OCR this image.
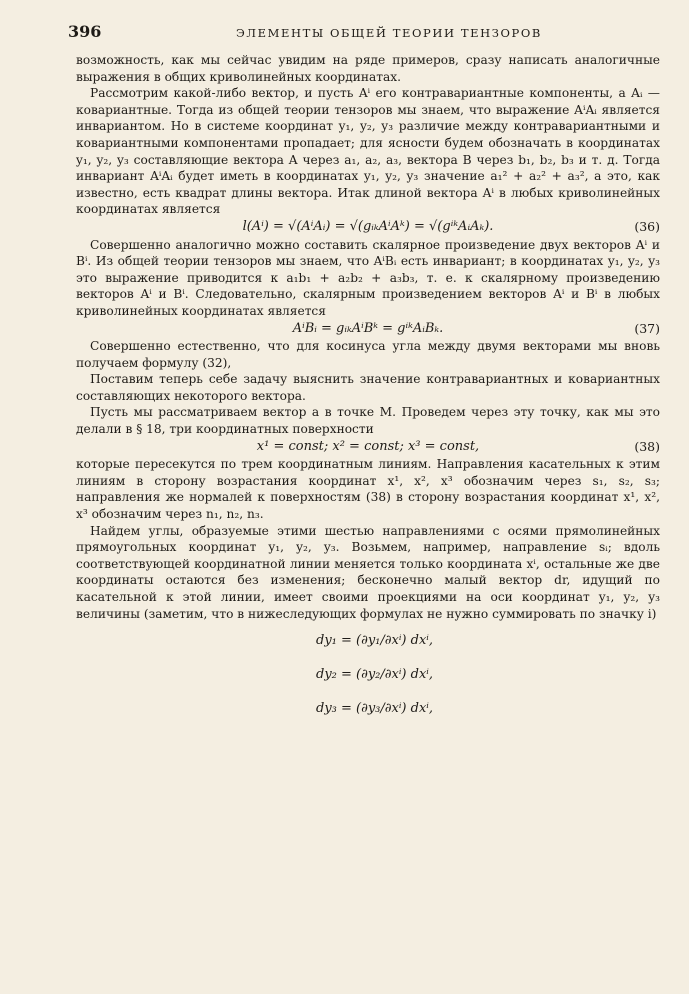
396	ЭЛЕМЕНТЫ ОБЩЕЙ ТЕОРИИ ТЕНЗОРОВ

возможность, как мы сейчас увидим на ряде примеров, сразу написать аналогичные выражения в общих криволинейных координатах.

Рассмотрим какой-либо вектор, и пусть Aⁱ его контравариантные компоненты, а Aᵢ — ковариантные. Тогда из общей теории тензоров мы знаем, что выражение AⁱAᵢ является инвариантом. Но в системе координат y₁, y₂, y₃ различие между контравариантными и ковариантными компонентами пропадает; для ясности будем обозначать в координатах y₁, y₂, y₃ составляющие вектора A через a₁, a₂, a₃, вектора B через b₁, b₂, b₃ и т. д. Тогда инвариант AⁱAᵢ будет иметь в координатах y₁, y₂, y₃ значение a₁² + a₂² + a₃², а это, как известно, есть квадрат длины вектора. Итак длиной вектора Aⁱ в любых криволинейных координатах является

l(Aⁱ) = √(AⁱAᵢ) = √(gᵢₖAⁱAᵏ) = √(gⁱᵏAᵢAₖ).	(36)

Совершенно аналогично можно составить скалярное произведение двух векторов Aⁱ и Bⁱ. Из общей теории тензоров мы знаем, что AⁱBᵢ есть инвариант; в координатах y₁, y₂, y₃ это выражение приводится к a₁b₁ + a₂b₂ + a₃b₃, т. е. к скалярному произведению векторов Aⁱ и Bⁱ. Следовательно, скалярным произведением векторов Aⁱ и Bⁱ в любых криволинейных координатах является

AⁱBᵢ = gᵢₖAⁱBᵏ = gⁱᵏAᵢBₖ.	(37)

Совершенно естественно, что для косинуса угла между двумя векторами мы вновь получаем формулу (32),

Поставим теперь себе задачу выяснить значение контравариантных и ковариантных составляющих некоторого вектора.

Пусть мы рассматриваем вектор a в точке M. Проведем через эту точку, как мы это делали в § 18, три координатных поверхности

x¹ = const; x² = const; x³ = const,	(38)

которые пересекутся по трем координатным линиям. Направления касательных к этим линиям в сторону возрастания координат x¹, x², x³ обозначим через s₁, s₂, s₃; направления же нормалей к поверхностям (38) в сторону возрастания координат x¹, x², x³ обозначим через n₁, n₂, n₃.

Найдем углы, образуемые этими шестью направлениями с осями прямолинейных прямоугольных координат y₁, y₂, y₃. Возьмем, например, направление sᵢ; вдоль соответствующей координатной линии меняется только координата xⁱ, остальные же две координаты остаются без изменения; бесконечно малый вектор dr, идущий по касательной к этой линии, имеет своими проекциями на оси координат y₁, y₂, y₃ величины (заметим, что в нижеследующих формулах не нужно суммировать по значку i)

dy₁ = (∂y₁/∂xⁱ) dxⁱ,
dy₂ = (∂y₂/∂xⁱ) dxⁱ,
dy₃ = (∂y₃/∂xⁱ) dxⁱ,
